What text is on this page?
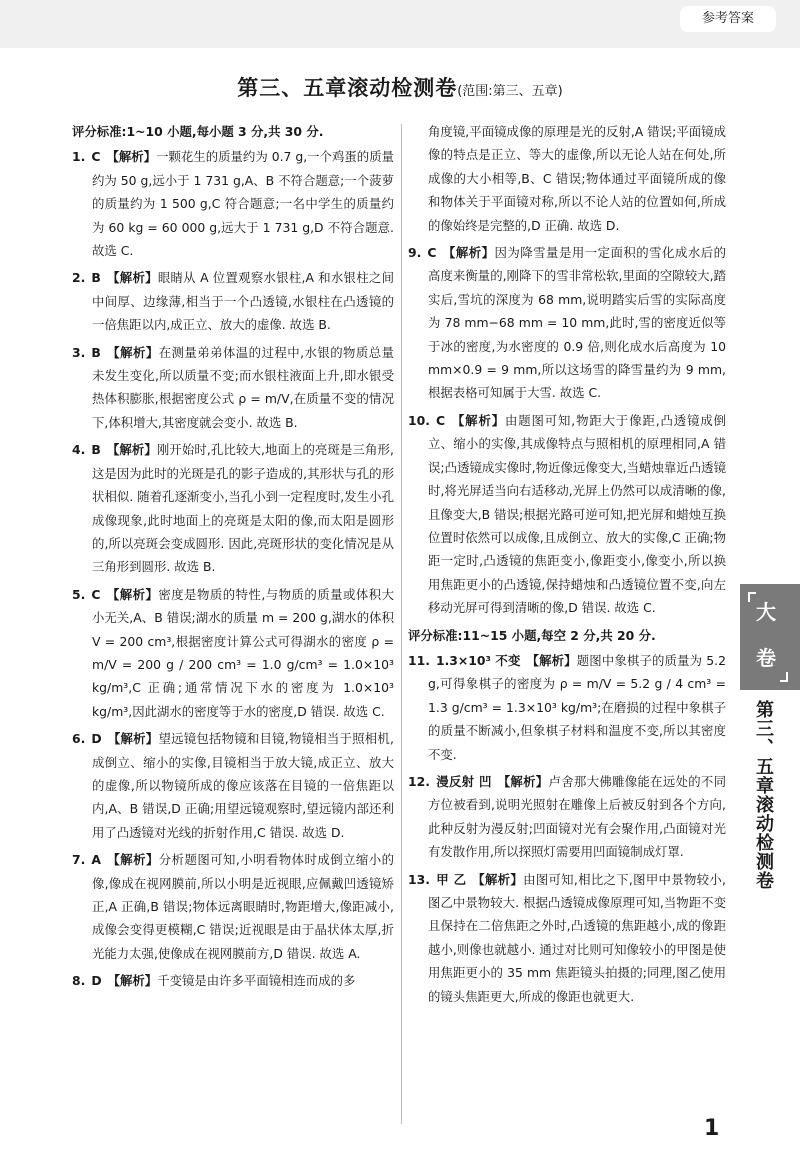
参考答案
第三、五章滚动检测卷(范围:第三、五章)

评分标准:1~10 小题,每小题 3 分,共 30 分.

1. C 【解析】一颗花生的质量约为 0.7 g,一个鸡蛋的质量约为 50 g,远小于 1 731 g,A、B 不符合题意;一个菠萝的质量约为 1 500 g,C 符合题意;一名中学生的质量约为 60 kg = 60 000 g,远大于 1 731 g,D 不符合题意. 故选 C.

2. B 【解析】眼睛从 A 位置观察水银柱,A 和水银柱之间中间厚、边缘薄,相当于一个凸透镜,水银柱在凸透镜的一倍焦距以内,成正立、放大的虚像. 故选 B.

3. B 【解析】在测量弟弟体温的过程中,水银的物质总量未发生变化,所以质量不变;而水银柱液面上升,即水银受热体积膨胀,根据密度公式 ρ = m/V,在质量不变的情况下,体积增大,其密度就会变小. 故选 B.

4. B 【解析】刚开始时,孔比较大,地面上的亮斑是三角形,这是因为此时的光斑是孔的影子造成的,其形状与孔的形状相似. 随着孔逐渐变小,当孔小到一定程度时,发生小孔成像现象,此时地面上的亮斑是太阳的像,而太阳是圆形的,所以亮斑会变成圆形. 因此,亮斑形状的变化情况是从三角形到圆形. 故选 B.

5. C 【解析】密度是物质的特性,与物质的质量或体积大小无关,A、B 错误;湖水的质量 m = 200 g,湖水的体积 V = 200 cm³,根据密度计算公式可得湖水的密度 ρ = m/V = 200 g / 200 cm³ = 1.0 g/cm³ = 1.0×10³ kg/m³,C 正确;通常情况下水的密度为 1.0×10³ kg/m³,因此湖水的密度等于水的密度,D 错误. 故选 C.

6. D 【解析】望远镜包括物镜和目镜,物镜相当于照相机,成倒立、缩小的实像,目镜相当于放大镜,成正立、放大的虚像,所以物镜所成的像应该落在目镜的一倍焦距以内,A、B 错误,D 正确;用望远镜观察时,望远镜内部还利用了凸透镜对光线的折射作用,C 错误. 故选 D.

7. A 【解析】分析题图可知,小明看物体时成倒立缩小的像,像成在视网膜前,所以小明是近视眼,应佩戴凹透镜矫正,A 正确,B 错误;物体远离眼睛时,物距增大,像距减小,成像会变得更模糊,C 错误;近视眼是由于晶状体太厚,折光能力太强,使像成在视网膜前方,D 错误. 故选 A.

8. D 【解析】千变镜是由许多平面镜相连而成的多

角度镜,平面镜成像的原理是光的反射,A 错误;平面镜成像的特点是正立、等大的虚像,所以无论人站在何处,所成像的大小相等,B、C 错误;物体通过平面镜所成的像和物体关于平面镜对称,所以不论人站的位置如何,所成的像始终是完整的,D 正确. 故选 D.

9. C 【解析】因为降雪量是用一定面积的雪化成水后的高度来衡量的,刚降下的雪非常松软,里面的空隙较大,踏实后,雪坑的深度为 68 mm,说明踏实后雪的实际高度为 78 mm−68 mm = 10 mm,此时,雪的密度近似等于冰的密度,为水密度的 0.9 倍,则化成水后高度为 10 mm×0.9 = 9 mm,所以这场雪的降雪量约为 9 mm,根据表格可知属于大雪. 故选 C.

10. C 【解析】由题图可知,物距大于像距,凸透镜成倒立、缩小的实像,其成像特点与照相机的原理相同,A 错误;凸透镜成实像时,物近像远像变大,当蜡烛靠近凸透镜时,将光屏适当向右适移动,光屏上仍然可以成清晰的像,且像变大,B 错误;根据光路可逆可知,把光屏和蜡烛互换位置时依然可以成像,且成倒立、放大的实像,C 正确;物距一定时,凸透镜的焦距变小,像距变小,像变小,所以换用焦距更小的凸透镜,保持蜡烛和凸透镜位置不变,向左移动光屏可得到清晰的像,D 错误. 故选 C.

评分标准:11~15 小题,每空 2 分,共 20 分.

11. 1.3×10³ 不变 【解析】题图中象棋子的质量为 5.2 g,可得象棋子的密度为 ρ = m/V = 5.2 g / 4 cm³ = 1.3 g/cm³ = 1.3×10³ kg/m³;在磨损的过程中象棋子的质量不断减小,但象棋子材料和温度不变,所以其密度不变.

12. 漫反射 凹 【解析】卢舍那大佛雕像能在远处的不同方位被看到,说明光照射在雕像上后被反射到各个方向,此种反射为漫反射;凹面镜对光有会聚作用,凸面镜对光有发散作用,所以探照灯需要用凹面镜制成灯罩.

13. 甲 乙 【解析】由图可知,相比之下,图甲中景物较小,图乙中景物较大. 根据凸透镜成像原理可知,当物距不变且保持在二倍焦距之外时,凸透镜的焦距越小,成的像距越小,则像也就越小. 通过对比则可知像较小的甲图是使用焦距更小的 35 mm 焦距镜头拍摄的;同理,图乙使用的镜头焦距更大,所成的像距也就更大.

大
卷
第三、五章滚动检测卷
1
